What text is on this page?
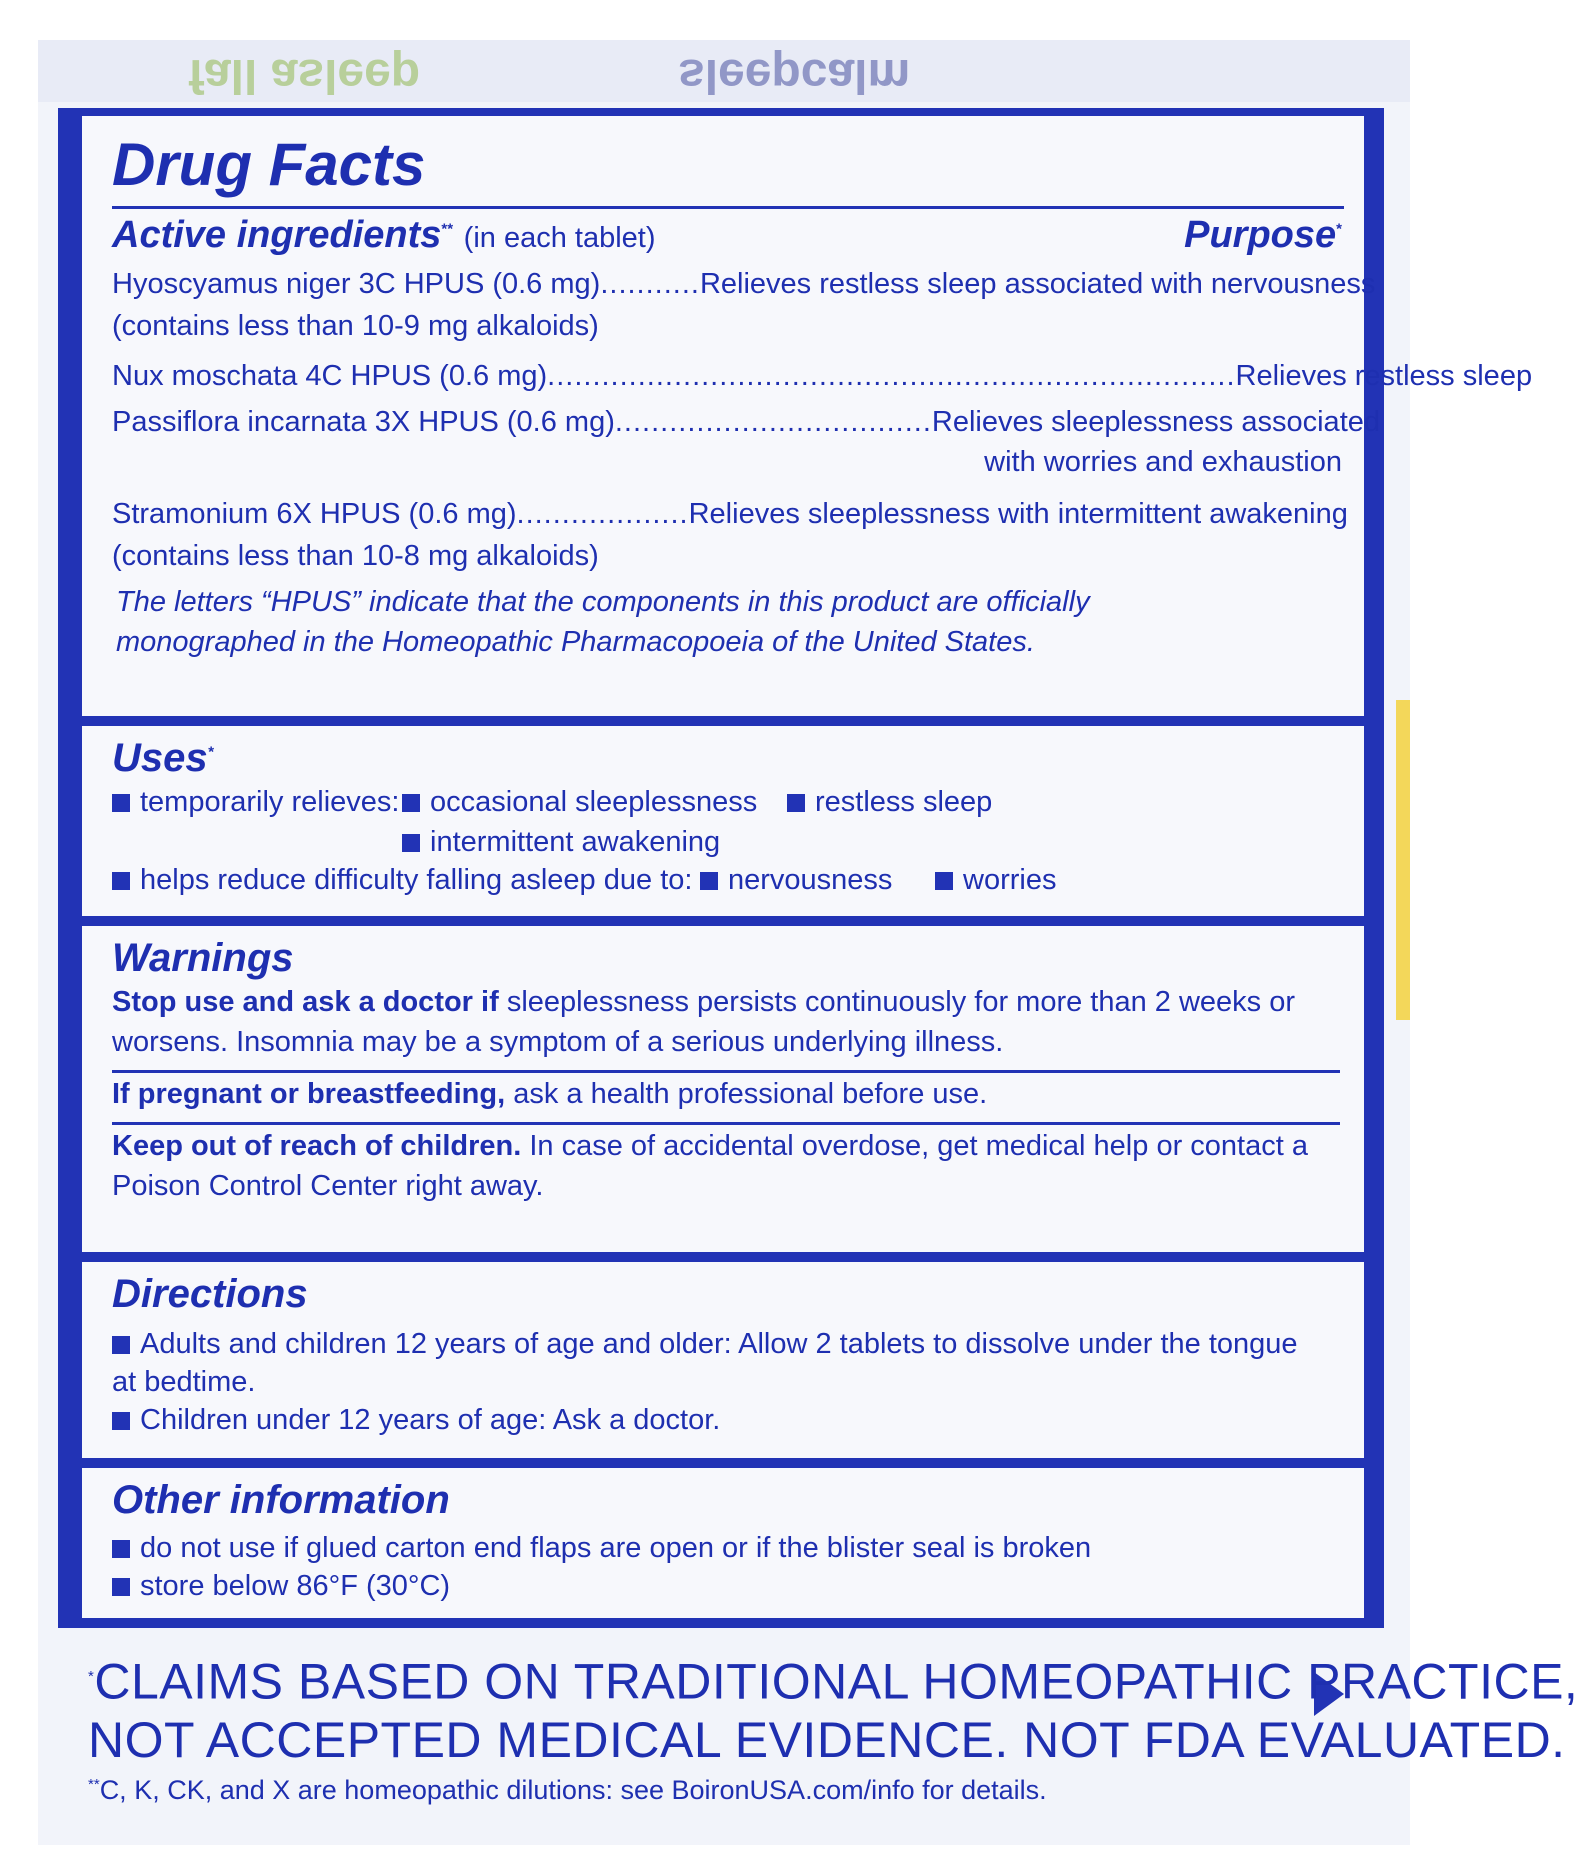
fall asleep	sleepcalm
Drug Facts
Active ingredients** (in each tablet)	Purpose*
Hyoscyamus niger 3C HPUS (0.6 mg)...........Relieves restless sleep associated with nervousness
(contains less than 10-9 mg alkaloids)
Nux moschata 4C HPUS (0.6 mg)............................................................................Relieves restless sleep
Passiflora incarnata 3X HPUS (0.6 mg)...................................Relieves sleeplessness associated
with worries and exhaustion
Stramonium 6X HPUS (0.6 mg)...................Relieves sleeplessness with intermittent awakening
(contains less than 10-8 mg alkaloids)
The letters “HPUS” indicate that the components in this product are officially
monographed in the Homeopathic Pharmacopoeia of the United States.
Uses*
temporarily relieves:	occasional sleeplessness	restless sleep
intermittent awakening
helps reduce difficulty falling asleep due to:	nervousness	worries
Warnings
Stop use and ask a doctor if sleeplessness persists continuously for more than 2 weeks or
worsens. Insomnia may be a symptom of a serious underlying illness.
If pregnant or breastfeeding, ask a health professional before use.
Keep out of reach of children. In case of accidental overdose, get medical help or contact a
Poison Control Center right away.
Directions
Adults and children 12 years of age and older: Allow 2 tablets to dissolve under the tongue
at bedtime.
Children under 12 years of age: Ask a doctor.
Other information
do not use if glued carton end flaps are open or if the blister seal is broken
store below 86°F (30°C)
*CLAIMS BASED ON TRADITIONAL HOMEOPATHIC PRACTICE,
NOT ACCEPTED MEDICAL EVIDENCE. NOT FDA EVALUATED.
**C, K, CK, and X are homeopathic dilutions: see BoironUSA.com/info for details.
